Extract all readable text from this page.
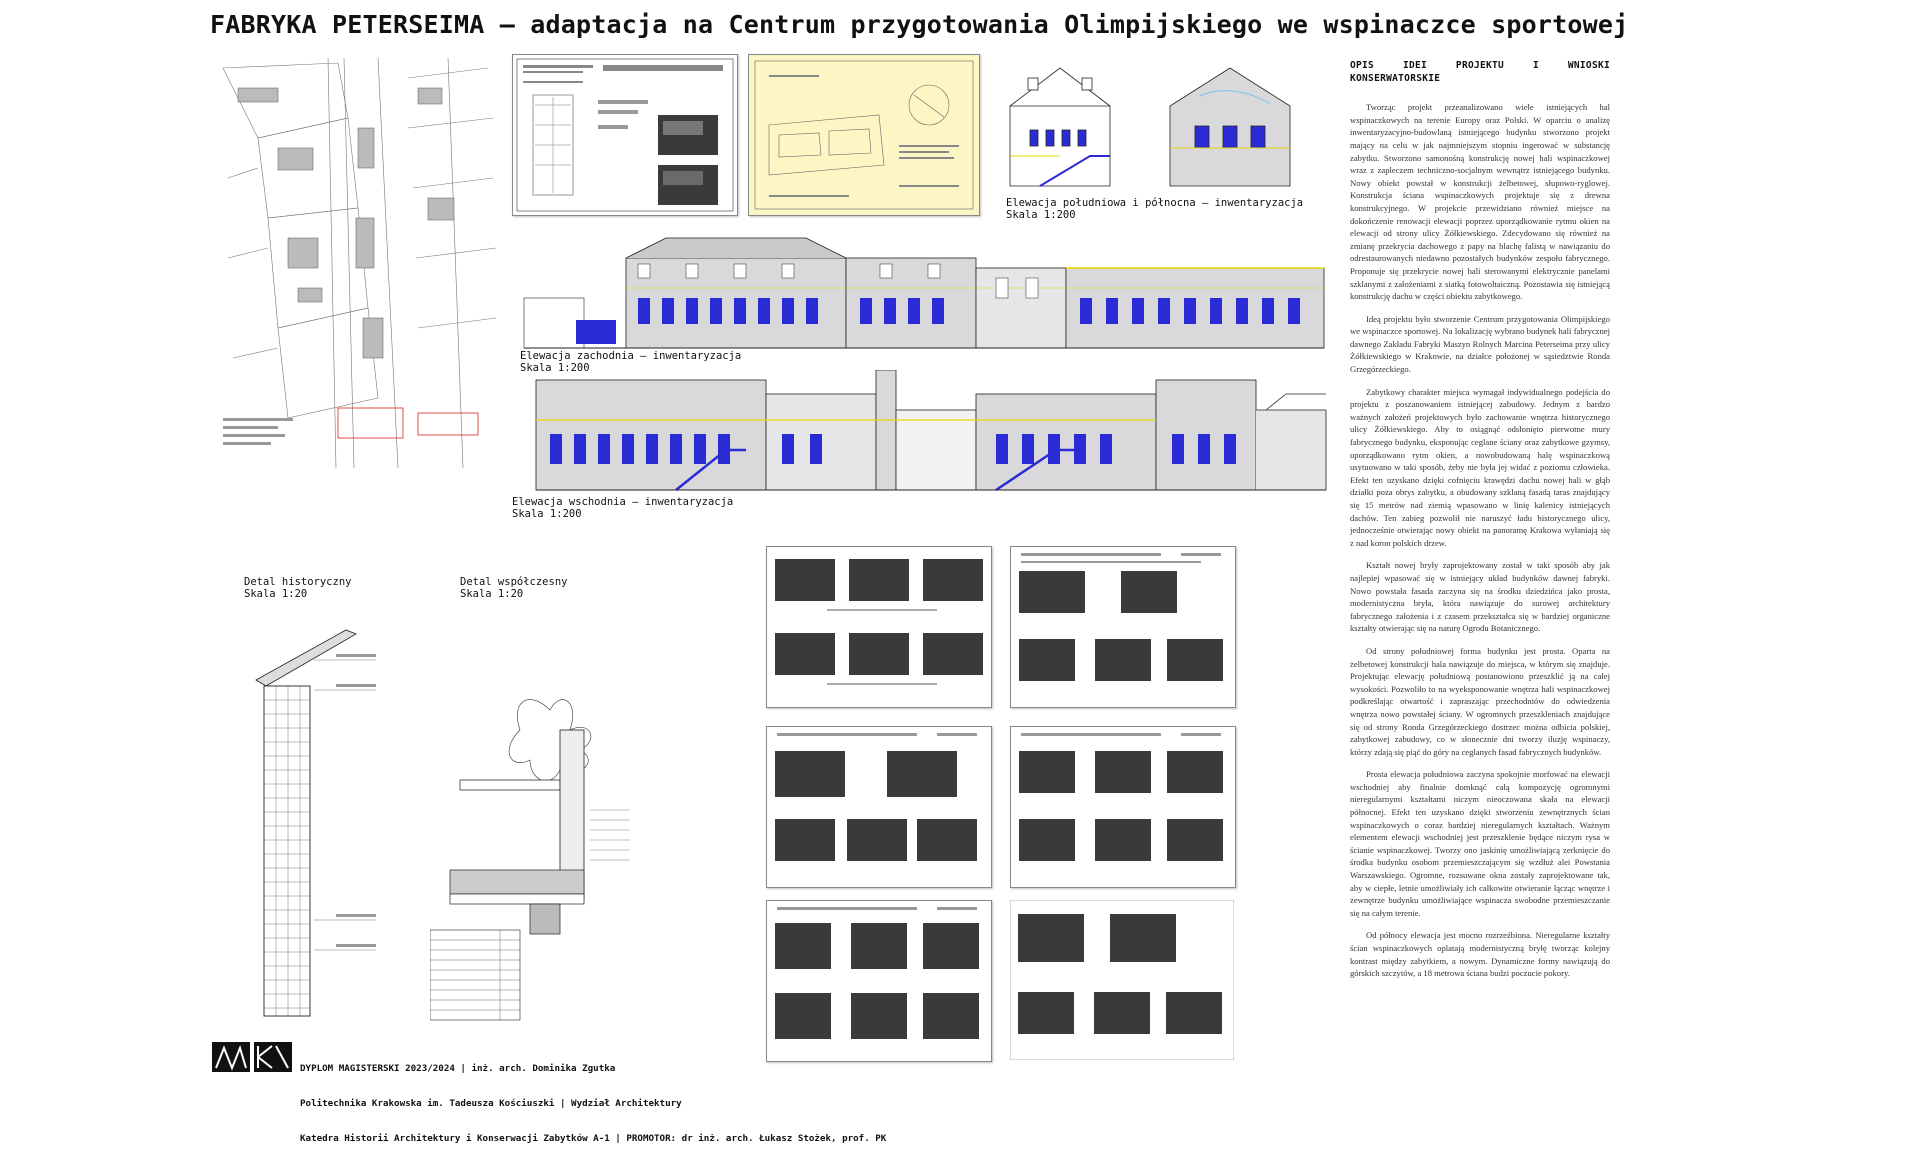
FABRYKA PETERSEIMA – adaptacja na Centrum przygotowania Olimpijskiego we wspinaczce sportowej
Elewacja południowa i północna – inwentaryzacja
Skala 1:200
Elewacja zachodnia – inwentaryzacja
Skala 1:200
Elewacja wschodnia – inwentaryzacja
Skala 1:200
Detal historyczny
Skala 1:20
Detal współczesny
Skala 1:20
OPIS IDEI PROJEKTU I WNIOSKI KONSERWATORSKIE

Tworząc projekt przeanalizowano wiele istniejących hal wspinaczkowych na terenie Europy oraz Polski. W oparciu o analizę inwentaryzacyjno-budowlaną istniejącego budynku stworzono projekt mający na celu w jak najmniejszym stopniu ingerować w substancję zabytku. Stworzono samonośną konstrukcję nowej hali wspinaczkowej wraz z zapleczem techniczno-socjalnym wewnątrz istniejącego budynku. Nowy obiekt powstał w konstrukcji żelbetowej, słupowo-ryglowej. Konstrukcja ściana wspinaczkowych projektuje się z drewna konstrukcyjnego. W projekcie przewidziano również miejsce na dokończenie renowacji elewacji poprzez uporządkowanie rytmu okien na elewacji od strony ulicy Żółkiewskiego. Zdecydowano się również na zmianę przekrycia dachowego z papy na blachę falistą w nawiązaniu do odrestaurowanych niedawno pozostałych budynków zespołu fabrycznego. Proponuje się przekrycie nowej hali sterowanymi elektrycznie panelami szklanymi z założeniami z siatką fotowoltaiczną. Pozostawia się istniejącą konstrukcję dachu w części obiektu zabytkowego.

Ideą projektu było stworzenie Centrum przygotowania Olimpijskiego we wspinaczce sportowej. Na lokalizację wybrano budynek hali fabrycznej dawnego Zakładu Fabryki Maszyn Rolnych Marcina Peterseima przy ulicy Żółkiewskiego w Krakowie, na działce położonej w sąsiedztwie Ronda Grzegórzeckiego.

Zabytkowy charakter miejsca wymagał indywidualnego podejścia do projektu z poszanowaniem istniejącej zabudowy. Jednym z bardzo ważnych założeń projektowych było zachowanie wnętrza historycznego ulicy Żółkiewskiego. Aby to osiągnąć odsłonięto pierwotne mury fabrycznego budynku, eksponując ceglane ściany oraz zabytkowe gzymsy, uporządkowano rytm okien, a nowobudowaną halę wspinaczkową usytuowano w taki sposób, żeby nie była jej widać z poziomu człowieka. Efekt ten uzyskano dzięki cofnięciu krawędzi dachu nowej hali w głąb działki poza obrys zabytku, a obudowany szklaną fasadą taras znajdujący się 15 metrów nad ziemią wpasowano w linię kalenicy istniejących dachów. Ten zabieg pozwolił nie naruszyć ładu historycznego ulicy, jednocześnie otwierając nowy obiekt na panoramę Krakowa wyłaniają się z nad koron polskich drzew.

Kształt nowej bryły zaprojektowany został w taki sposób aby jak najlepiej wpasować się w istniejący układ budynków dawnej fabryki. Nowo powstała fasada zaczyna się na środku dziedzińca jako prosta, modernistyczna bryła, która nawiązuje do surowej architektury fabrycznego założenia i z czasem przekształca się w bardziej organiczne kształty otwierając się na naturę Ogrodu Botanicznego.

Od strony południowej forma budynku jest prosta. Oparta na żelbetowej konstrukcji hala nawiązuje do miejsca, w którym się znajduje. Projektując elewację południową postanowiono przeszklić ją na całej wysokości. Pozwoliło to na wyeksponowanie wnętrza hali wspinaczkowej podkreślając otwartość i zapraszając przechodniów do odwiedzenia wnętrza nowo powstałej ściany. W ogromnych przeszkleniach znajdujące się od strony Ronda Grzegórzeckiego dostrzec można odbicia polskiej, zabytkowej zabudowy, co w słonecznie dni tworzy iluzję wspinaczy, którzy zdają się piąć do góry na ceglanych fasad fabrycznych budynków.

Prosta elewacja południowa zaczyna spokojnie morfować na elewacji wschodniej aby finalnie domknąć całą kompozycję ogromnymi nieregularnymi kształtami niczym nieoczowana skała na elewacji północnej. Efekt ten uzyskano dzięki stworzeniu zewnętrznych ścian wspinaczkowych o coraz bardziej nieregularnych kształtach. Ważnym elementem elewacji wschodniej jest przeszklenie będące niczym rysa w ścianie wspinaczkowej. Tworzy ono jaskinię umożliwiającą zerknięcie do środka budynku osobom przemieszczającym się wzdłuż alei Powstania Warszawskiego. Ogromne, rozsuwane okna zostały zaprojektowane tak, aby w ciepłe, letnie umożliwiały ich całkowite otwieranie łącząc wnętrze i zewnętrze budynku umożliwiające wspinacza swobodne przemieszczanie się na całym terenie.

Od północy elewacja jest mocno rozrzeźbiona. Nieregularne kształty ścian wspinaczkowych oplatają modernistyczną bryłę tworząc kolejny kontrast między zabytkiem, a nowym. Dynamiczne formy nawiązują do górskich szczytów, a 18 metrowa ściana budzi poczucie pokory.

DYPLOM MAGISTERSKI 2023/2024 | inż. arch. Dominika Zgutka

Politechnika Krakowska im. Tadeusza Kościuszki | Wydział Architektury

Katedra Historii Architektury i Konserwacji Zabytków A-1 | PROMOTOR: dr inż. arch. Łukasz Stożek, prof. PK
